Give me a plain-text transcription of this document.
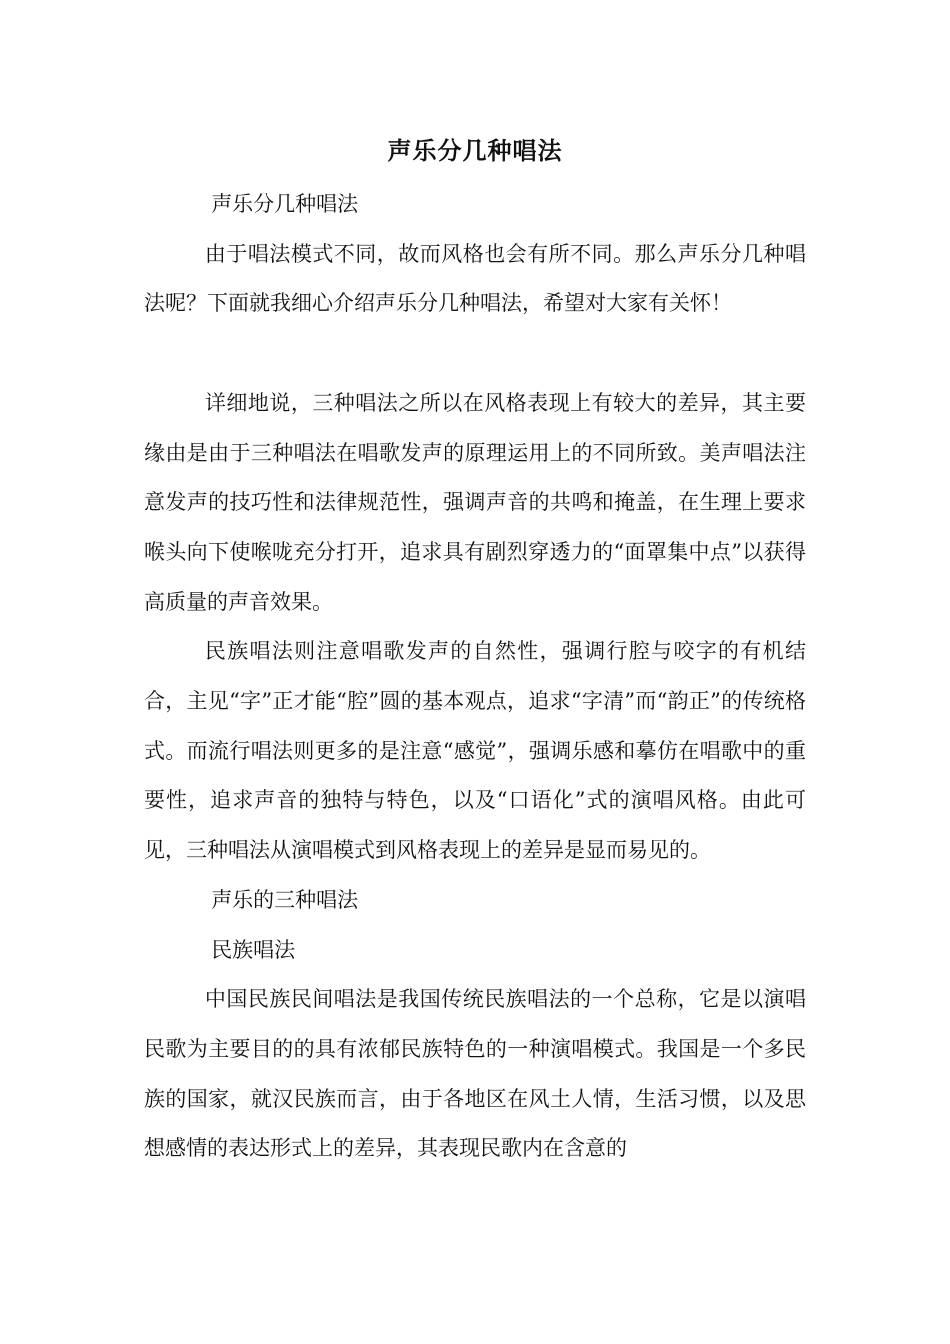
声乐分几种唱法

声乐分几种唱法

由于唱法模式不同，故而风格也会有所不同。那么声乐分几种唱法呢？下面就我细心介绍声乐分几种唱法，希望对大家有关怀！

详细地说，三种唱法之所以在风格表现上有较大的差异，其主要缘由是由于三种唱法在唱歌发声的原理运用上的不同所致。美声唱法注意发声的技巧性和法律规范性，强调声音的共鸣和掩盖，在生理上要求喉头向下使喉咙充分打开，追求具有剧烈穿透力的“面罩集中点”以获得高质量的声音效果。

民族唱法则注意唱歌发声的自然性，强调行腔与咬字的有机结合，主见“字”正才能“腔”圆的基本观点，追求“字清”而“韵正”的传统格式。而流行唱法则更多的是注意“感觉”，强调乐感和摹仿在唱歌中的重要性，追求声音的独特与特色，以及“口语化”式的演唱风格。由此可见，三种唱法从演唱模式到风格表现上的差异是显而易见的。

声乐的三种唱法

民族唱法

中国民族民间唱法是我国传统民族唱法的一个总称，它是以演唱民歌为主要目的的具有浓郁民族特色的一种演唱模式。我国是一个多民族的国家，就汉民族而言，由于各地区在风土人情，生活习惯，以及思想感情的表达形式上的差异，其表现民歌内在含意的
